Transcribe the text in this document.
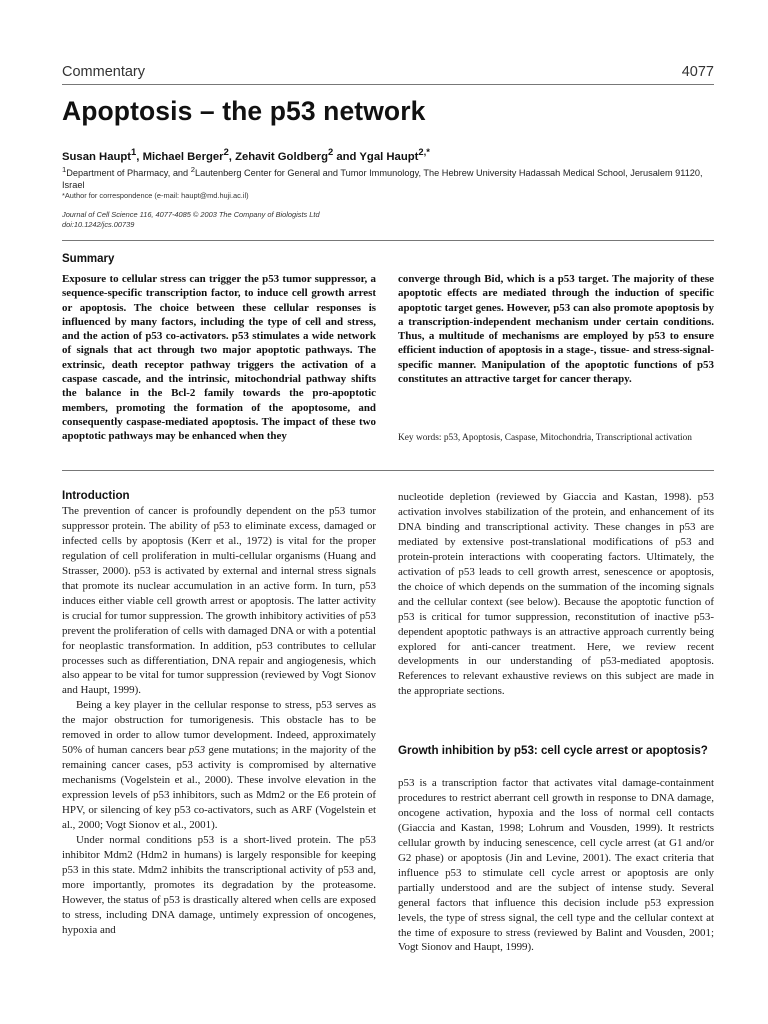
Commentary	4077
Apoptosis – the p53 network
Susan Haupt$^1$, Michael Berger$^2$, Zehavit Goldberg$^2$ and Ygal Haupt$^{2,*}$
$^1$Department of Pharmacy, and $^2$Lautenberg Center for General and Tumor Immunology, The Hebrew University Hadassah Medical School, Jerusalem 91120, Israel
*Author for correspondence (e-mail: haupt@md.huji.ac.il)
Journal of Cell Science 116, 4077-4085 © 2003 The Company of Biologists Ltd
doi:10.1242/jcs.00739
Summary
Exposure to cellular stress can trigger the p53 tumor suppressor, a sequence-specific transcription factor, to induce cell growth arrest or apoptosis. The choice between these cellular responses is influenced by many factors, including the type of cell and stress, and the action of p53 co-activators. p53 stimulates a wide network of signals that act through two major apoptotic pathways. The extrinsic, death receptor pathway triggers the activation of a caspase cascade, and the intrinsic, mitochondrial pathway shifts the balance in the Bcl-2 family towards the pro-apoptotic members, promoting the formation of the apoptosome, and consequently caspase-mediated apoptosis. The impact of these two apoptotic pathways may be enhanced when they
converge through Bid, which is a p53 target. The majority of these apoptotic effects are mediated through the induction of specific apoptotic target genes. However, p53 can also promote apoptosis by a transcription-independent mechanism under certain conditions. Thus, a multitude of mechanisms are employed by p53 to ensure efficient induction of apoptosis in a stage-, tissue- and stress-signal-specific manner. Manipulation of the apoptotic functions of p53 constitutes an attractive target for cancer therapy.
Key words: p53, Apoptosis, Caspase, Mitochondria, Transcriptional activation
Introduction

The prevention of cancer is profoundly dependent on the p53 tumor suppressor protein. The ability of p53 to eliminate excess, damaged or infected cells by apoptosis (Kerr et al., 1972) is vital for the proper regulation of cell proliferation in multi-cellular organisms (Huang and Strasser, 2000). p53 is activated by external and internal stress signals that promote its nuclear accumulation in an active form. In turn, p53 induces either viable cell growth arrest or apoptosis. The latter activity is crucial for tumor suppression. The growth inhibitory activities of p53 prevent the proliferation of cells with damaged DNA or with a potential for neoplastic transformation. In addition, p53 contributes to cellular processes such as differentiation, DNA repair and angiogenesis, which also appear to be vital for tumor suppression (reviewed by Vogt Sionov and Haupt, 1999).

Being a key player in the cellular response to stress, p53 serves as the major obstruction for tumorigenesis. This obstacle has to be removed in order to allow tumor development. Indeed, approximately 50% of human cancers bear p53 gene mutations; in the majority of the remaining cancer cases, p53 activity is compromised by alternative mechanisms (Vogelstein et al., 2000). These involve elevation in the expression levels of p53 inhibitors, such as Mdm2 or the E6 protein of HPV, or silencing of key p53 co-activators, such as ARF (Vogelstein et al., 2000; Vogt Sionov et al., 2001).

Under normal conditions p53 is a short-lived protein. The p53 inhibitor Mdm2 (Hdm2 in humans) is largely responsible for keeping p53 in this state. Mdm2 inhibits the transcriptional activity of p53 and, more importantly, promotes its degradation by the proteasome. However, the status of p53 is drastically altered when cells are exposed to stress, including DNA damage, untimely expression of oncogenes, hypoxia and

nucleotide depletion (reviewed by Giaccia and Kastan, 1998). p53 activation involves stabilization of the protein, and enhancement of its DNA binding and transcriptional activity. These changes in p53 are mediated by extensive post-translational modifications of p53 and protein-protein interactions with cooperating factors. Ultimately, the activation of p53 leads to cell growth arrest, senescence or apoptosis, the choice of which depends on the summation of the incoming signals and the cellular context (see below). Because the apoptotic function of p53 is critical for tumor suppression, reconstitution of inactive p53-dependent apoptotic pathways is an attractive approach currently being explored for anti-cancer treatment. Here, we review recent developments in our understanding of p53-mediated apoptosis. References to relevant exhaustive reviews on this subject are made in the appropriate sections.

Growth inhibition by p53: cell cycle arrest or apoptosis?

p53 is a transcription factor that activates vital damage-containment procedures to restrict aberrant cell growth in response to DNA damage, oncogene activation, hypoxia and the loss of normal cell contacts (Giaccia and Kastan, 1998; Lohrum and Vousden, 1999). It restricts cellular growth by inducing senescence, cell cycle arrest (at G1 and/or G2 phase) or apoptosis (Jin and Levine, 2001). The exact criteria that influence p53 to stimulate cell cycle arrest or apoptosis are only partially understood and are the subject of intense study. Several general factors that influence this decision include p53 expression levels, the type of stress signal, the cell type and the cellular context at the time of exposure to stress (reviewed by Balint and Vousden, 2001; Vogt Sionov and Haupt, 1999).
